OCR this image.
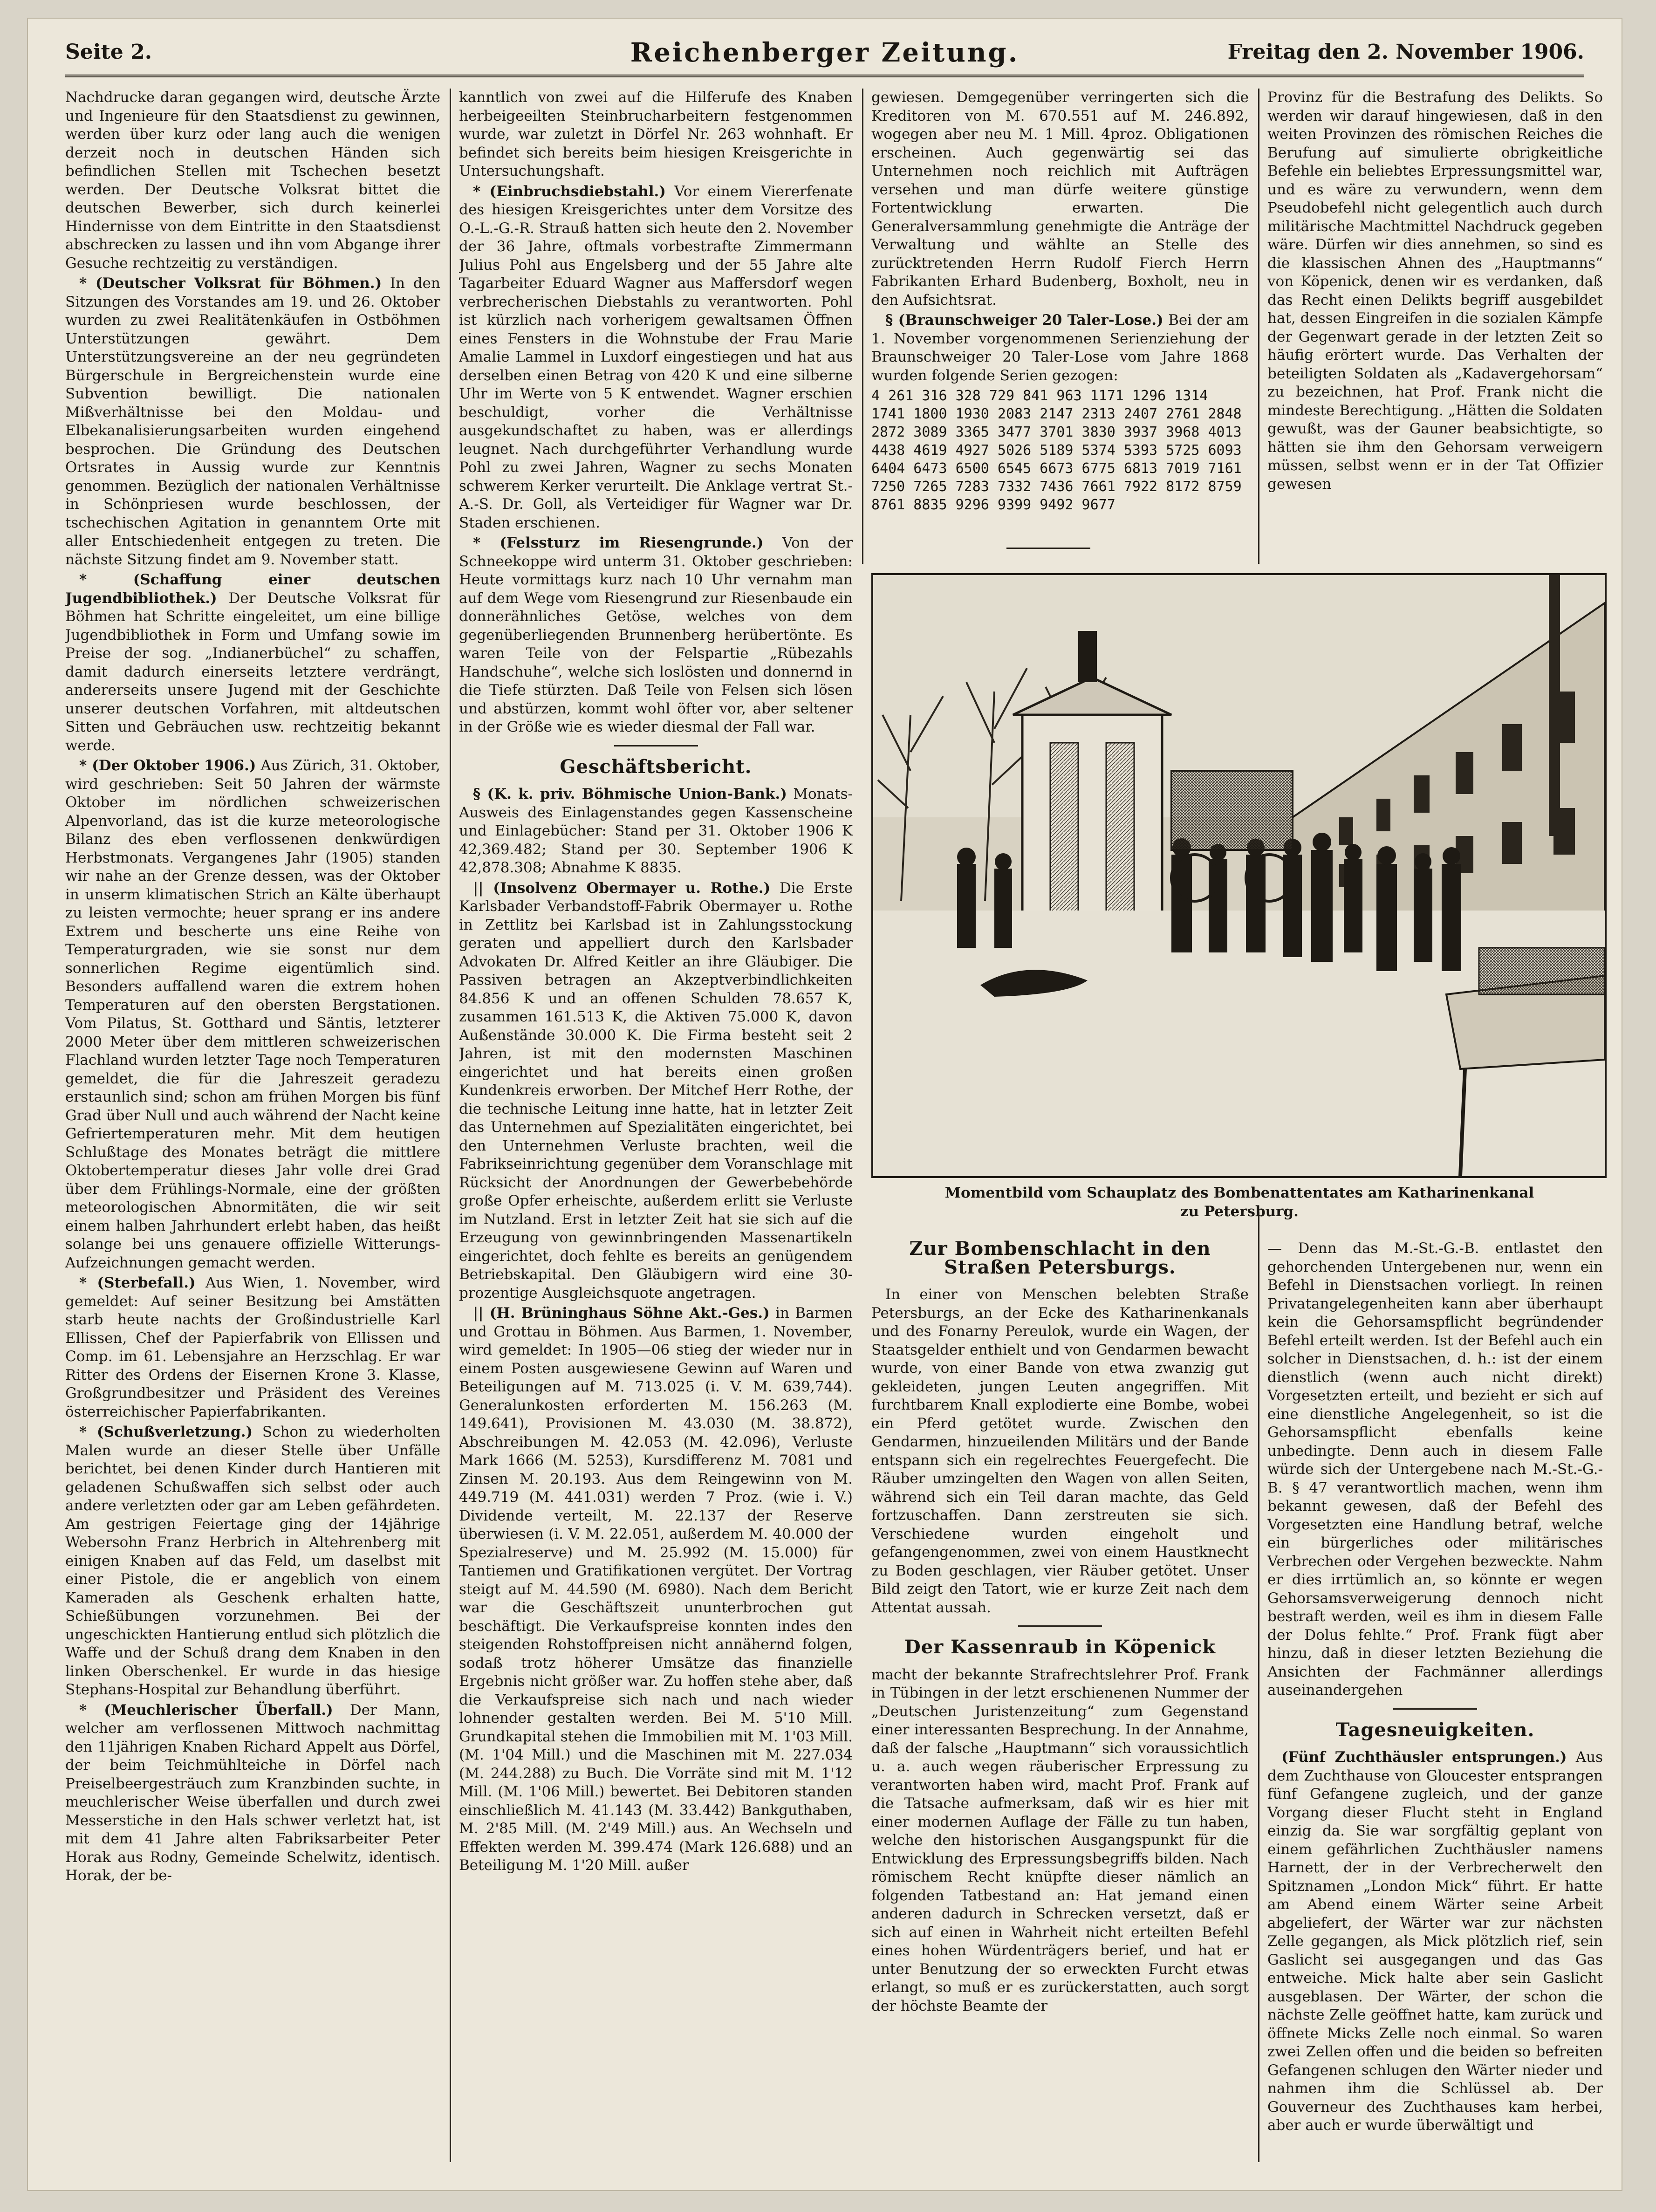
Seite 2.	Reichenberger Zeitung.	Freitag den 2. November 1906.

Nachdrucke daran gegangen wird, deutsche Ärzte und Ingenieure für den Staatsdienst zu gewinnen, werden über kurz oder lang auch die wenigen derzeit noch in deutschen Händen sich befindlichen Stellen mit Tschechen besetzt werden. Der Deutsche Volksrat bittet die deutschen Bewerber, sich durch keinerlei Hindernisse von dem Eintritte in den Staatsdienst abschrecken zu lassen und ihn vom Abgange ihrer Gesuche rechtzeitig zu verständigen.

* (Deutscher Volksrat für Böhmen.) In den Sitzungen des Vorstandes am 19. und 26. Oktober wurden zu zwei Realitätenkäufen in Ostböhmen Unterstützungen gewährt. Dem Unterstützungsvereine an der neu gegründeten Bürgerschule in Bergreichenstein wurde eine Subvention bewilligt. Die nationalen Mißverhältnisse bei den Moldau- und Elbekanalisierungsarbeiten wurden eingehend besprochen. Die Gründung des Deutschen Ortsrates in Aussig wurde zur Kenntnis genommen. Bezüglich der nationalen Verhältnisse in Schönpriesen wurde beschlossen, der tschechischen Agitation in genanntem Orte mit aller Entschiedenheit entgegen zu treten. Die nächste Sitzung findet am 9. November statt.

* (Schaffung einer deutschen Jugendbibliothek.) Der Deutsche Volksrat für Böhmen hat Schritte eingeleitet, um eine billige Jugendbibliothek in Form und Umfang sowie im Preise der sog. „Indianerbüchel“ zu schaffen, damit dadurch einerseits letztere verdrängt, andererseits unsere Jugend mit der Geschichte unserer deutschen Vorfahren, mit altdeutschen Sitten und Gebräuchen usw. rechtzeitig bekannt werde.

* (Der Oktober 1906.) Aus Zürich, 31. Oktober, wird geschrieben: Seit 50 Jahren der wärmste Oktober im nördlichen schweizerischen Alpenvorland, das ist die kurze meteorologische Bilanz des eben verflossenen denkwürdigen Herbstmonats. Vergangenes Jahr (1905) standen wir nahe an der Grenze dessen, was der Oktober in unserm klimatischen Strich an Kälte überhaupt zu leisten vermochte; heuer sprang er ins andere Extrem und bescherte uns eine Reihe von Temperaturgraden, wie sie sonst nur dem sonnerlichen Regime eigentümlich sind. Besonders auffallend waren die extrem hohen Temperaturen auf den obersten Bergstationen. Vom Pilatus, St. Gotthard und Säntis, letzterer 2000 Meter über dem mittleren schweizerischen Flachland wurden letzter Tage noch Temperaturen gemeldet, die für die Jahreszeit geradezu erstaunlich sind; schon am frühen Morgen bis fünf Grad über Null und auch während der Nacht keine Gefriertemperaturen mehr. Mit dem heutigen Schlußtage des Monates beträgt die mittlere Oktobertemperatur dieses Jahr volle drei Grad über dem Frühlings-Normale, eine der größten meteorologischen Abnormitäten, die wir seit einem halben Jahrhundert erlebt haben, das heißt solange bei uns genauere offizielle Witterungs-Aufzeichnungen gemacht werden.

* (Sterbefall.) Aus Wien, 1. November, wird gemeldet: Auf seiner Besitzung bei Amstätten starb heute nachts der Großindustrielle Karl Ellissen, Chef der Papierfabrik von Ellissen und Comp. im 61. Lebensjahre an Herzschlag. Er war Ritter des Ordens der Eisernen Krone 3. Klasse, Großgrundbesitzer und Präsident des Vereines österreichischer Papierfabrikanten.

* (Schußverletzung.) Schon zu wiederholten Malen wurde an dieser Stelle über Unfälle berichtet, bei denen Kinder durch Hantieren mit geladenen Schußwaffen sich selbst oder auch andere verletzten oder gar am Leben gefährdeten. Am gestrigen Feiertage ging der 14jährige Webersohn Franz Herbrich in Altehrenberg mit einigen Knaben auf das Feld, um daselbst mit einer Pistole, die er angeblich von einem Kameraden als Geschenk erhalten hatte, Schießübungen vorzunehmen. Bei der ungeschickten Hantierung entlud sich plötzlich die Waffe und der Schuß drang dem Knaben in den linken Oberschenkel. Er wurde in das hiesige Stephans-Hospital zur Behandlung überführt.

* (Meuchlerischer Überfall.) Der Mann, welcher am verflossenen Mittwoch nachmittag den 11jährigen Knaben Richard Appelt aus Dörfel, der beim Teichmühlteiche in Dörfel nach Preiselbeergesträuch zum Kranzbinden suchte, in meuchlerischer Weise überfallen und durch zwei Messerstiche in den Hals schwer verletzt hat, ist mit dem 41 Jahre alten Fabriksarbeiter Peter Horak aus Rodny, Gemeinde Schelwitz, identisch. Horak, der be-

kanntlich von zwei auf die Hilferufe des Knaben herbeigeeilten Steinbrucharbeitern festgenommen wurde, war zuletzt in Dörfel Nr. 263 wohnhaft. Er befindet sich bereits beim hiesigen Kreisgerichte in Untersuchungshaft.

* (Einbruchsdiebstahl.) Vor einem Viererfenate des hiesigen Kreisgerichtes unter dem Vorsitze des O.-L.-G.-R. Strauß hatten sich heute den 2. November der 36 Jahre, oftmals vorbestrafte Zimmermann Julius Pohl aus Engelsberg und der 55 Jahre alte Tagarbeiter Eduard Wagner aus Maffersdorf wegen verbrecherischen Diebstahls zu verantworten. Pohl ist kürzlich nach vorherigem gewaltsamen Öffnen eines Fensters in die Wohnstube der Frau Marie Amalie Lammel in Luxdorf eingestiegen und hat aus derselben einen Betrag von 420 K und eine silberne Uhr im Werte von 5 K entwendet. Wagner erschien beschuldigt, vorher die Verhältnisse ausgekundschaftet zu haben, was er allerdings leugnet. Nach durchgeführter Verhandlung wurde Pohl zu zwei Jahren, Wagner zu sechs Monaten schwerem Kerker verurteilt. Die Anklage vertrat St.-A.-S. Dr. Goll, als Verteidiger für Wagner war Dr. Staden erschienen.

* (Felssturz im Riesengrunde.) Von der Schneekoppe wird unterm 31. Oktober geschrieben: Heute vormittags kurz nach 10 Uhr vernahm man auf dem Wege vom Riesengrund zur Riesenbaude ein donnerähnliches Getöse, welches von dem gegenüberliegenden Brunnenberg herübertönte. Es waren Teile von der Felspartie „Rübezahls Handschuhe“, welche sich loslösten und donnernd in die Tiefe stürzten. Daß Teile von Felsen sich lösen und abstürzen, kommt wohl öfter vor, aber seltener in der Größe wie es wieder diesmal der Fall war.

Geschäftsbericht.

§ (K. k. priv. Böhmische Union-Bank.) Monats-Ausweis des Einlagenstandes gegen Kassenscheine und Einlagebücher: Stand per 31. Oktober 1906 K 42,369.482; Stand per 30. September 1906 K 42,878.308; Abnahme K 8835.

|| (Insolvenz Obermayer u. Rothe.) Die Erste Karlsbader Verbandstoff-Fabrik Obermayer u. Rothe in Zettlitz bei Karlsbad ist in Zahlungsstockung geraten und appelliert durch den Karlsbader Advokaten Dr. Alfred Keitler an ihre Gläubiger. Die Passiven betragen an Akzeptverbindlichkeiten 84.856 K und an offenen Schulden 78.657 K, zusammen 161.513 K, die Aktiven 75.000 K, davon Außenstände 30.000 K. Die Firma besteht seit 2 Jahren, ist mit den modernsten Maschinen eingerichtet und hat bereits einen großen Kundenkreis erworben. Der Mitchef Herr Rothe, der die technische Leitung inne hatte, hat in letzter Zeit das Unternehmen auf Spezialitäten eingerichtet, bei den Unternehmen Verluste brachten, weil die Fabrikseinrichtung gegenüber dem Voranschlage mit Rücksicht der Anordnungen der Gewerbebehörde große Opfer erheischte, außerdem erlitt sie Verluste im Nutzland. Erst in letzter Zeit hat sie sich auf die Erzeugung von gewinnbringenden Massenartikeln eingerichtet, doch fehlte es bereits an genügendem Betriebskapital. Den Gläubigern wird eine 30-prozentige Ausgleichsquote angetragen.

|| (H. Brüninghaus Söhne Akt.-Ges.) in Barmen und Grottau in Böhmen. Aus Barmen, 1. November, wird gemeldet: In 1905—06 stieg der wieder nur in einem Posten ausgewiesene Gewinn auf Waren und Beteiligungen auf M. 713.025 (i. V. M. 639,744). Generalunkosten erforderten M. 156.263 (M. 149.641), Provisionen M. 43.030 (M. 38.872), Abschreibungen M. 42.053 (M. 42.096), Verluste Mark 1666 (M. 5253), Kursdifferenz M. 7081 und Zinsen M. 20.193. Aus dem Reingewinn von M. 449.719 (M. 441.031) werden 7 Proz. (wie i. V.) Dividende verteilt, M. 22.137 der Reserve überwiesen (i. V. M. 22.051, außerdem M. 40.000 der Spezialreserve) und M. 25.992 (M. 15.000) für Tantiemen und Gratifikationen vergütet. Der Vortrag steigt auf M. 44.590 (M. 6980). Nach dem Bericht war die Geschäftszeit ununterbrochen gut beschäftigt. Die Verkaufspreise konnten indes den steigenden Rohstoffpreisen nicht annähernd folgen, sodaß trotz höherer Umsätze das finanzielle Ergebnis nicht größer war. Zu hoffen stehe aber, daß die Verkaufspreise sich nach und nach wieder lohnender gestalten werden. Bei M. 5'10 Mill. Grundkapital stehen die Immobilien mit M. 1'03 Mill. (M. 1'04 Mill.) und die Maschinen mit M. 227.034 (M. 244.288) zu Buch. Die Vorräte sind mit M. 1'12 Mill. (M. 1'06 Mill.) bewertet. Bei Debitoren standen einschließlich M. 41.143 (M. 33.442) Bankguthaben, M. 2'85 Mill. (M. 2'49 Mill.) aus. An Wechseln und Effekten werden M. 399.474 (Mark 126.688) und an Beteiligung M. 1'20 Mill. außer

gewiesen. Demgegenüber verringerten sich die Kreditoren von M. 670.551 auf M. 246.892, wogegen aber neu M. 1 Mill. 4proz. Obligationen erscheinen. Auch gegenwärtig sei das Unternehmen noch reichlich mit Aufträgen versehen und man dürfe weitere günstige Fortentwicklung erwarten. Die Generalversammlung genehmigte die Anträge der Verwaltung und wählte an Stelle des zurücktretenden Herrn Rudolf Fierch Herrn Fabrikanten Erhard Budenberg, Boxholt, neu in den Aufsichtsrat.

§ (Braunschweiger 20 Taler-Lose.) Bei der am 1. November vorgenommenen Serienziehung der Braunschweiger 20 Taler-Lose vom Jahre 1868 wurden folgende Serien gezogen:

4 261 316 328 729 841 963 1171 1296 1314 1741 1800 1930 2083 2147 2313 2407 2761 2848 2872 3089 3365 3477 3701 3830 3937 3968 4013 4438 4619 4927 5026 5189 5374 5393 5725 6093 6404 6473 6500 6545 6673 6775 6813 7019 7161 7250 7265 7283 7332 7436 7661 7922 8172 8759 8761 8835 9296 9399 9492 9677

Provinz für die Bestrafung des Delikts. So werden wir darauf hingewiesen, daß in den weiten Provinzen des römischen Reiches die Berufung auf simulierte obrigkeitliche Befehle ein beliebtes Erpressungsmittel war, und es wäre zu verwundern, wenn dem Pseudobefehl nicht gelegentlich auch durch militärische Machtmittel Nachdruck gegeben wäre. Dürfen wir dies annehmen, so sind es die klassischen Ahnen des „Hauptmanns“ von Köpenick, denen wir es verdanken, daß das Recht einen Delikts begriff ausgebildet hat, dessen Eingreifen in die sozialen Kämpfe der Gegenwart gerade in der letzten Zeit so häufig erörtert wurde. Das Verhalten der beteiligten Soldaten als „Kadavergehorsam“ zu bezeichnen, hat Prof. Frank nicht die mindeste Berechtigung. „Hätten die Soldaten gewußt, was der Gauner beabsichtigte, so hätten sie ihm den Gehorsam verweigern müssen, selbst wenn er in der Tat Offizier gewesen

Momentbild vom Schauplatz des Bombenattentates am Katharinenkanal
zu Petersburg.
Zur Bombenschlacht in den
Straßen Petersburgs.

In einer von Menschen belebten Straße Petersburgs, an der Ecke des Katharinenkanals und des Fonarny Pereulok, wurde ein Wagen, der Staatsgelder enthielt und von Gendarmen bewacht wurde, von einer Bande von etwa zwanzig gut gekleideten, jungen Leuten angegriffen. Mit furchtbarem Knall explodierte eine Bombe, wobei ein Pferd getötet wurde. Zwischen den Gendarmen, hinzueilenden Militärs und der Bande entspann sich ein regelrechtes Feuergefecht. Die Räuber umzingelten den Wagen von allen Seiten, während sich ein Teil daran machte, das Geld fortzuschaffen. Dann zerstreuten sie sich. Verschiedene wurden eingeholt und gefangengenommen, zwei von einem Haustknecht zu Boden geschlagen, vier Räuber getötet. Unser Bild zeigt den Tatort, wie er kurze Zeit nach dem Attentat aussah.

Der Kassenraub in Köpenick

macht der bekannte Strafrechtslehrer Prof. Frank in Tübingen in der letzt erschienenen Nummer der „Deutschen Juristenzeitung“ zum Gegenstand einer interessanten Besprechung. In der Annahme, daß der falsche „Hauptmann“ sich voraussichtlich u. a. auch wegen räuberischer Erpressung zu verantworten haben wird, macht Prof. Frank auf die Tatsache aufmerksam, daß wir es hier mit einer modernen Auflage der Fälle zu tun haben, welche den historischen Ausgangspunkt für die Entwicklung des Erpressungsbegriffs bilden. Nach römischem Recht knüpfte dieser nämlich an folgenden Tatbestand an: Hat jemand einen anderen dadurch in Schrecken versetzt, daß er sich auf einen in Wahrheit nicht erteilten Befehl eines hohen Würdenträgers berief, und hat er unter Benutzung der so erweckten Furcht etwas erlangt, so muß er es zurückerstatten, auch sorgt der höchste Beamte der

— Denn das M.-St.-G.-B. entlastet den gehorchenden Untergebenen nur, wenn ein Befehl in Dienstsachen vorliegt. In reinen Privatangelegenheiten kann aber überhaupt kein die Gehorsamspflicht begründender Befehl erteilt werden. Ist der Befehl auch ein solcher in Dienstsachen, d. h.: ist der einem dienstlich (wenn auch nicht direkt) Vorgesetzten erteilt, und bezieht er sich auf eine dienstliche Angelegenheit, so ist die Gehorsamspflicht ebenfalls keine unbedingte. Denn auch in diesem Falle würde sich der Untergebene nach M.-St.-G.-B. § 47 verantwortlich machen, wenn ihm bekannt gewesen, daß der Befehl des Vorgesetzten eine Handlung betraf, welche ein bürgerliches oder militärisches Verbrechen oder Vergehen bezweckte. Nahm er dies irrtümlich an, so könnte er wegen Gehorsamsverweigerung dennoch nicht bestraft werden, weil es ihm in diesem Falle der Dolus fehlte.“ Prof. Frank fügt aber hinzu, daß in dieser letzten Beziehung die Ansichten der Fachmänner allerdings auseinandergehen

Tagesneuigkeiten.

(Fünf Zuchthäusler entsprungen.) Aus dem Zuchthause von Gloucester entsprangen fünf Gefangene zugleich, und der ganze Vorgang dieser Flucht steht in England einzig da. Sie war sorgfältig geplant von einem gefährlichen Zuchthäusler namens Harnett, der in der Verbrecherwelt den Spitznamen „London Mick“ führt. Er hatte am Abend einem Wärter seine Arbeit abgeliefert, der Wärter war zur nächsten Zelle gegangen, als Mick plötzlich rief, sein Gaslicht sei ausgegangen und das Gas entweiche. Mick halte aber sein Gaslicht ausgeblasen. Der Wärter, der schon die nächste Zelle geöffnet hatte, kam zurück und öffnete Micks Zelle noch einmal. So waren zwei Zellen offen und die beiden so befreiten Gefangenen schlugen den Wärter nieder und nahmen ihm die Schlüssel ab. Der Gouverneur des Zuchthauses kam herbei, aber auch er wurde überwältigt und
